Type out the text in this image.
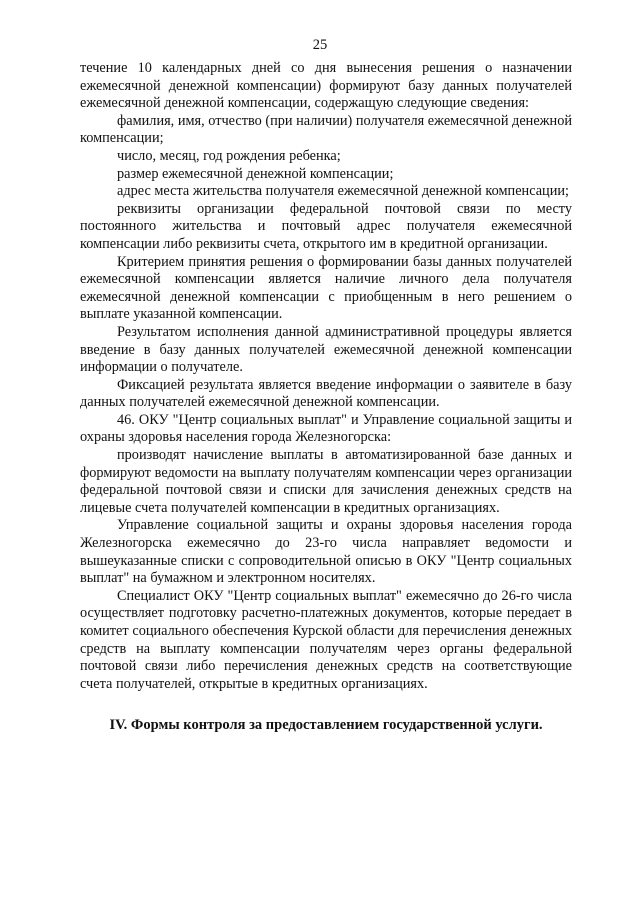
25

течение 10 календарных дней со дня вынесения решения о назначении ежемесячной денежной компенсации) формируют базу данных получателей ежемесячной денежной компенсации, содержащую следующие сведения:

фамилия, имя, отчество (при наличии) получателя ежемесячной денежной компенсации;

число, месяц, год рождения ребенка;

размер ежемесячной денежной компенсации;

адрес места жительства получателя ежемесячной денежной компенсации;

реквизиты организации федеральной почтовой связи по месту постоянного жительства и почтовый адрес получателя ежемесячной компенсации либо реквизиты счета, открытого им в кредитной организации.

Критерием принятия решения о формировании базы данных получателей ежемесячной компенсации является наличие личного дела получателя ежемесячной денежной компенсации с приобщенным в него решением о выплате указанной компенсации.

Результатом исполнения данной административной процедуры является введение в базу данных получателей ежемесячной денежной компенсации информации о получателе.

Фиксацией результата является введение информации о заявителе в базу данных получателей ежемесячной денежной компенсации.

46. ОКУ "Центр социальных выплат" и Управление социальной защиты и охраны здоровья населения города Железногорска:

производят начисление выплаты в автоматизированной базе данных и формируют ведомости на выплату получателям компенсации через организации федеральной почтовой связи и списки для зачисления денежных средств на лицевые счета получателей компенсации в кредитных организациях.

Управление социальной защиты и охраны здоровья населения города Железногорска ежемесячно до 23-го числа направляет ведомости и вышеуказанные списки с сопроводительной описью в ОКУ "Центр социальных выплат" на бумажном и электронном носителях.

Специалист ОКУ "Центр социальных выплат" ежемесячно до 26-го числа осуществляет подготовку расчетно-платежных документов, которые передает в комитет социального обеспечения Курской области для перечисления денежных средств на выплату компенсации получателям через органы федеральной почтовой связи либо перечисления денежных средств на соответствующие счета получателей, открытые в кредитных организациях.

IV. Формы контроля за предоставлением государственной услуги.
